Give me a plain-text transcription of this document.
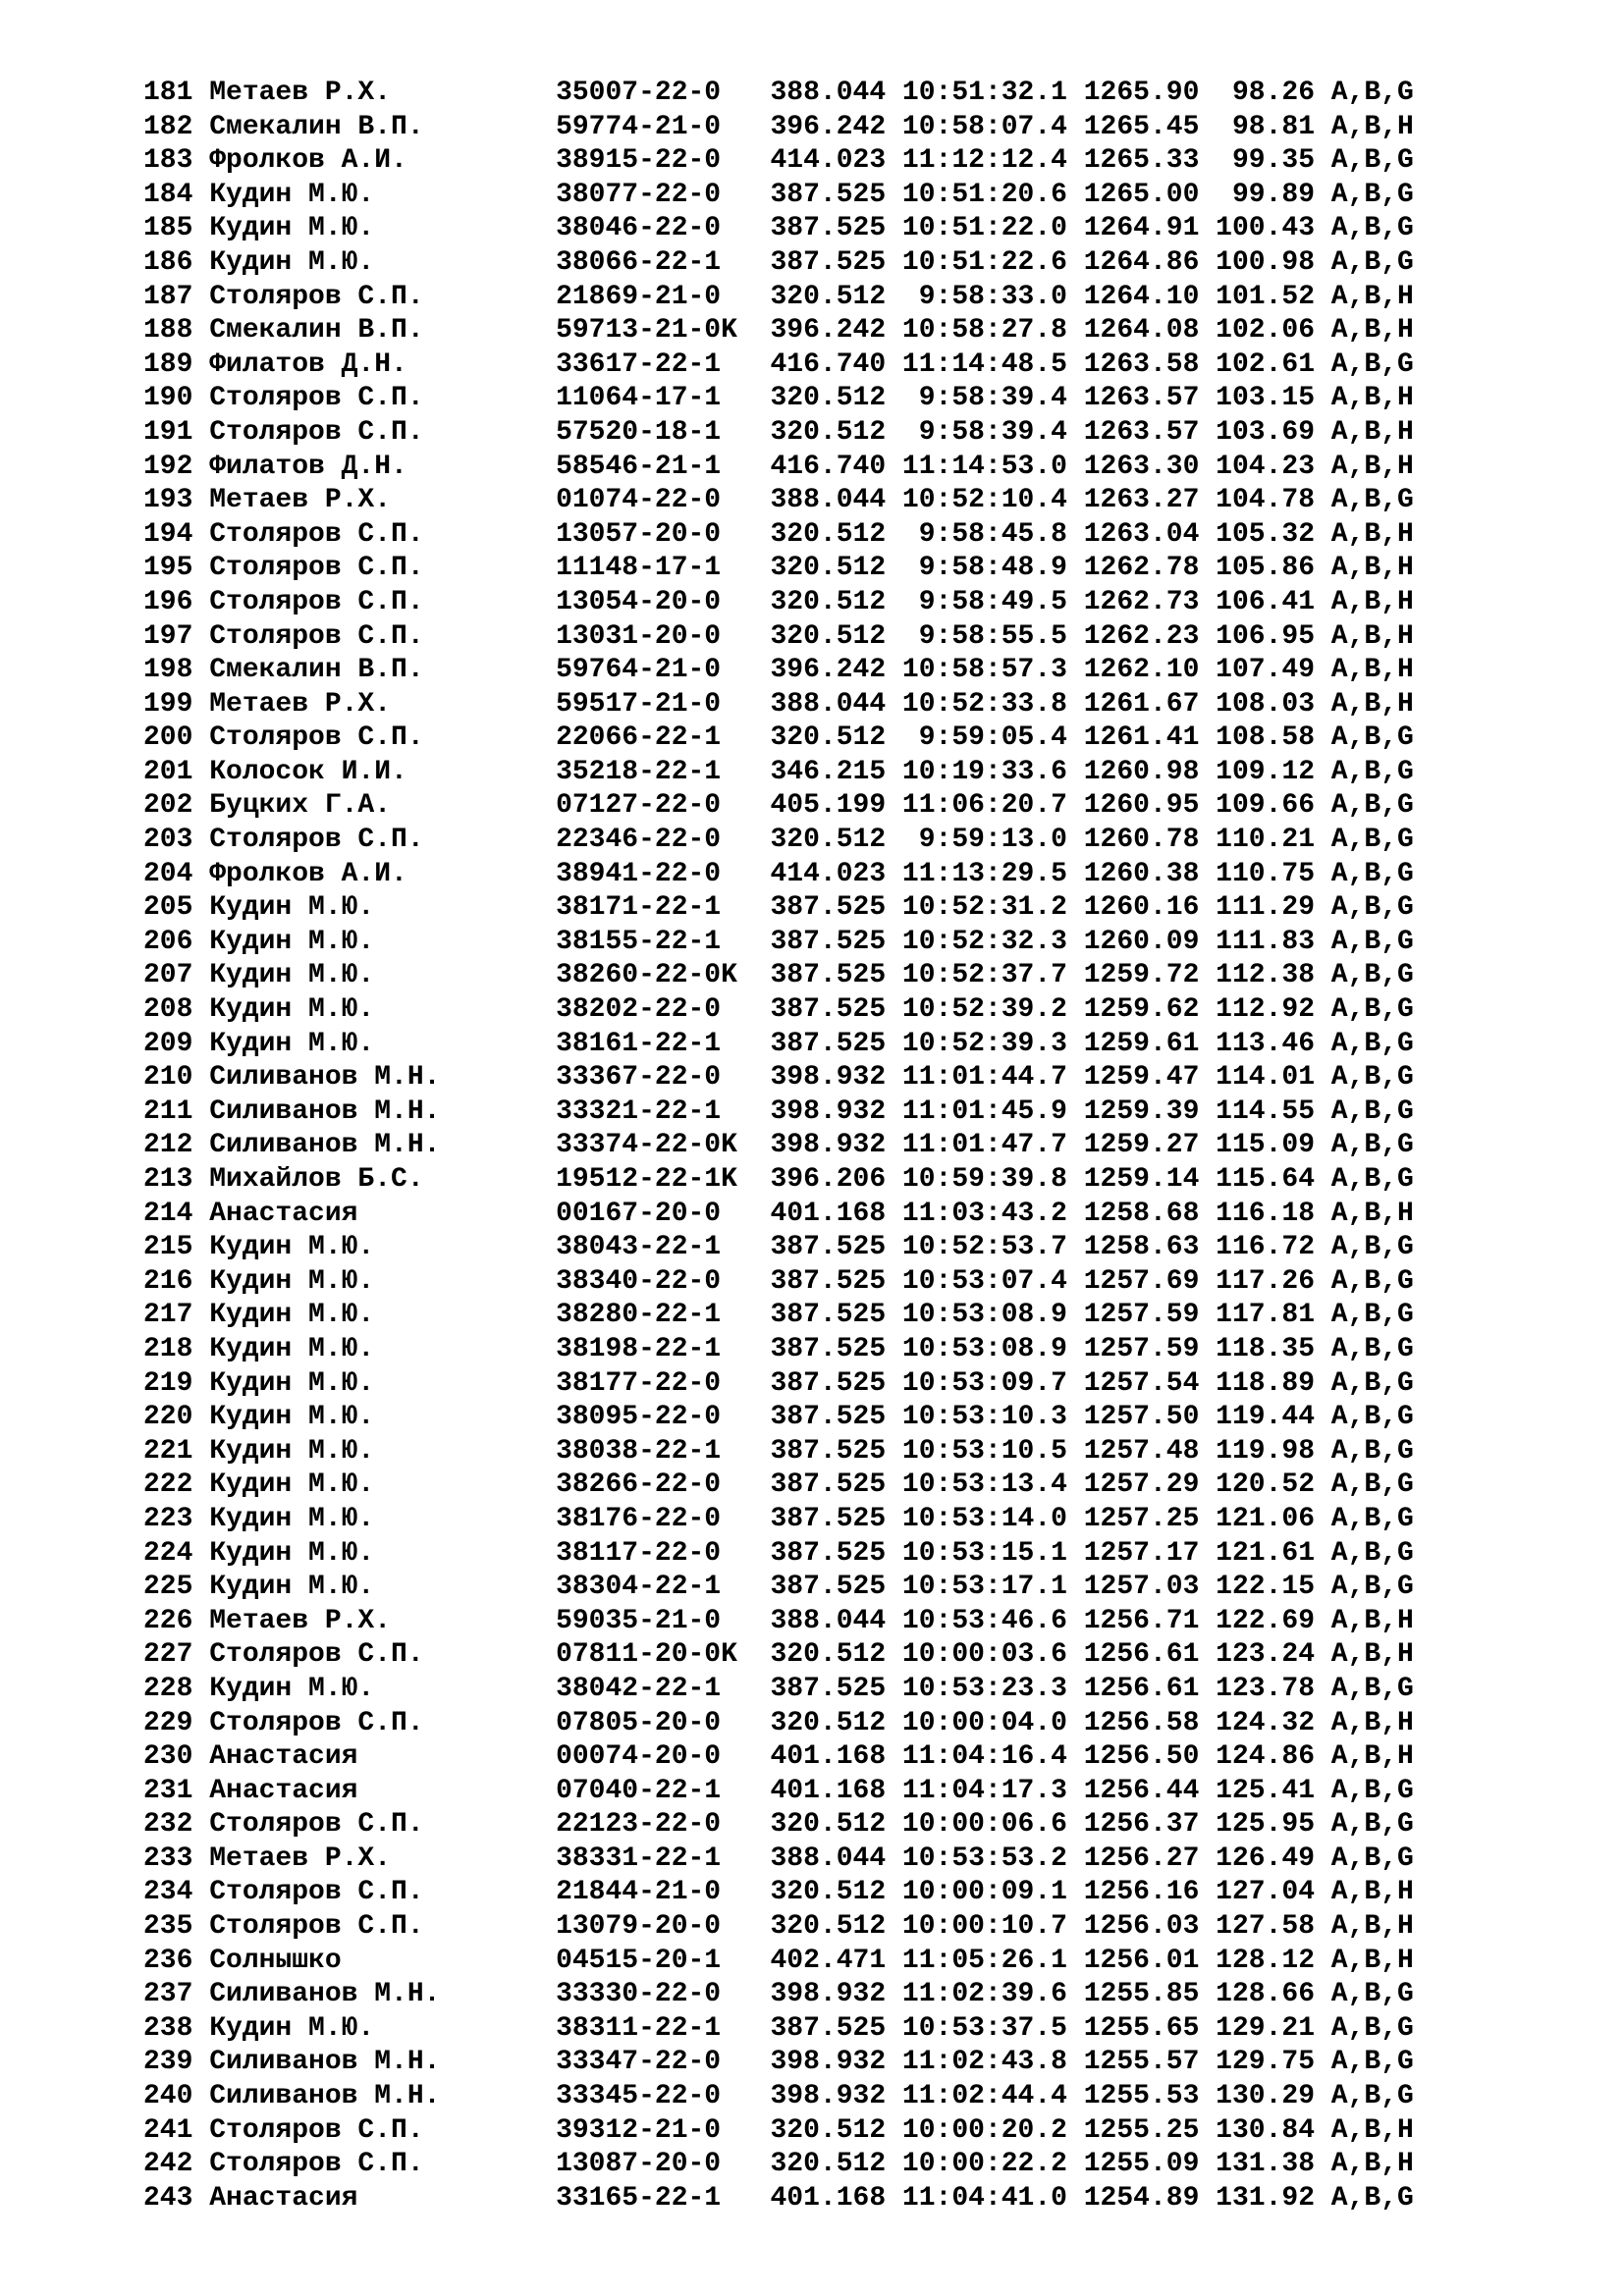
181 Метаев Р.Х.          35007-22-0   388.044 10:51:32.1 1265.90  98.26 A,B,G
182 Смекалин В.П.        59774-21-0   396.242 10:58:07.4 1265.45  98.81 A,B,H
183 Фролков А.И.         38915-22-0   414.023 11:12:12.4 1265.33  99.35 A,B,G
184 Кудин М.Ю.           38077-22-0   387.525 10:51:20.6 1265.00  99.89 A,B,G
185 Кудин М.Ю.           38046-22-0   387.525 10:51:22.0 1264.91 100.43 A,B,G
186 Кудин М.Ю.           38066-22-1   387.525 10:51:22.6 1264.86 100.98 A,B,G
187 Столяров С.П.        21869-21-0   320.512  9:58:33.0 1264.10 101.52 A,B,H
188 Смекалин В.П.        59713-21-0K  396.242 10:58:27.8 1264.08 102.06 A,B,H
189 Филатов Д.Н.         33617-22-1   416.740 11:14:48.5 1263.58 102.61 A,B,G
190 Столяров С.П.        11064-17-1   320.512  9:58:39.4 1263.57 103.15 A,B,H
191 Столяров С.П.        57520-18-1   320.512  9:58:39.4 1263.57 103.69 A,B,H
192 Филатов Д.Н.         58546-21-1   416.740 11:14:53.0 1263.30 104.23 A,B,H
193 Метаев Р.Х.          01074-22-0   388.044 10:52:10.4 1263.27 104.78 A,B,G
194 Столяров С.П.        13057-20-0   320.512  9:58:45.8 1263.04 105.32 A,B,H
195 Столяров С.П.        11148-17-1   320.512  9:58:48.9 1262.78 105.86 A,B,H
196 Столяров С.П.        13054-20-0   320.512  9:58:49.5 1262.73 106.41 A,B,H
197 Столяров С.П.        13031-20-0   320.512  9:58:55.5 1262.23 106.95 A,B,H
198 Смекалин В.П.        59764-21-0   396.242 10:58:57.3 1262.10 107.49 A,B,H
199 Метаев Р.Х.          59517-21-0   388.044 10:52:33.8 1261.67 108.03 A,B,H
200 Столяров С.П.        22066-22-1   320.512  9:59:05.4 1261.41 108.58 A,B,G
201 Колосок И.И.         35218-22-1   346.215 10:19:33.6 1260.98 109.12 A,B,G
202 Буцких Г.А.          07127-22-0   405.199 11:06:20.7 1260.95 109.66 A,B,G
203 Столяров С.П.        22346-22-0   320.512  9:59:13.0 1260.78 110.21 A,B,G
204 Фролков А.И.         38941-22-0   414.023 11:13:29.5 1260.38 110.75 A,B,G
205 Кудин М.Ю.           38171-22-1   387.525 10:52:31.2 1260.16 111.29 A,B,G
206 Кудин М.Ю.           38155-22-1   387.525 10:52:32.3 1260.09 111.83 A,B,G
207 Кудин М.Ю.           38260-22-0K  387.525 10:52:37.7 1259.72 112.38 A,B,G
208 Кудин М.Ю.           38202-22-0   387.525 10:52:39.2 1259.62 112.92 A,B,G
209 Кудин М.Ю.           38161-22-1   387.525 10:52:39.3 1259.61 113.46 A,B,G
210 Силиванов М.Н.       33367-22-0   398.932 11:01:44.7 1259.47 114.01 A,B,G
211 Силиванов М.Н.       33321-22-1   398.932 11:01:45.9 1259.39 114.55 A,B,G
212 Силиванов М.Н.       33374-22-0K  398.932 11:01:47.7 1259.27 115.09 A,B,G
213 Михайлов Б.С.        19512-22-1K  396.206 10:59:39.8 1259.14 115.64 A,B,G
214 Анастасия            00167-20-0   401.168 11:03:43.2 1258.68 116.18 A,B,H
215 Кудин М.Ю.           38043-22-1   387.525 10:52:53.7 1258.63 116.72 A,B,G
216 Кудин М.Ю.           38340-22-0   387.525 10:53:07.4 1257.69 117.26 A,B,G
217 Кудин М.Ю.           38280-22-1   387.525 10:53:08.9 1257.59 117.81 A,B,G
218 Кудин М.Ю.           38198-22-1   387.525 10:53:08.9 1257.59 118.35 A,B,G
219 Кудин М.Ю.           38177-22-0   387.525 10:53:09.7 1257.54 118.89 A,B,G
220 Кудин М.Ю.           38095-22-0   387.525 10:53:10.3 1257.50 119.44 A,B,G
221 Кудин М.Ю.           38038-22-1   387.525 10:53:10.5 1257.48 119.98 A,B,G
222 Кудин М.Ю.           38266-22-0   387.525 10:53:13.4 1257.29 120.52 A,B,G
223 Кудин М.Ю.           38176-22-0   387.525 10:53:14.0 1257.25 121.06 A,B,G
224 Кудин М.Ю.           38117-22-0   387.525 10:53:15.1 1257.17 121.61 A,B,G
225 Кудин М.Ю.           38304-22-1   387.525 10:53:17.1 1257.03 122.15 A,B,G
226 Метаев Р.Х.          59035-21-0   388.044 10:53:46.6 1256.71 122.69 A,B,H
227 Столяров С.П.        07811-20-0K  320.512 10:00:03.6 1256.61 123.24 A,B,H
228 Кудин М.Ю.           38042-22-1   387.525 10:53:23.3 1256.61 123.78 A,B,G
229 Столяров С.П.        07805-20-0   320.512 10:00:04.0 1256.58 124.32 A,B,H
230 Анастасия            00074-20-0   401.168 11:04:16.4 1256.50 124.86 A,B,H
231 Анастасия            07040-22-1   401.168 11:04:17.3 1256.44 125.41 A,B,G
232 Столяров С.П.        22123-22-0   320.512 10:00:06.6 1256.37 125.95 A,B,G
233 Метаев Р.Х.          38331-22-1   388.044 10:53:53.2 1256.27 126.49 A,B,G
234 Столяров С.П.        21844-21-0   320.512 10:00:09.1 1256.16 127.04 A,B,H
235 Столяров С.П.        13079-20-0   320.512 10:00:10.7 1256.03 127.58 A,B,H
236 Солнышко             04515-20-1   402.471 11:05:26.1 1256.01 128.12 A,B,H
237 Силиванов М.Н.       33330-22-0   398.932 11:02:39.6 1255.85 128.66 A,B,G
238 Кудин М.Ю.           38311-22-1   387.525 10:53:37.5 1255.65 129.21 A,B,G
239 Силиванов М.Н.       33347-22-0   398.932 11:02:43.8 1255.57 129.75 A,B,G
240 Силиванов М.Н.       33345-22-0   398.932 11:02:44.4 1255.53 130.29 A,B,G
241 Столяров С.П.        39312-21-0   320.512 10:00:20.2 1255.25 130.84 A,B,H
242 Столяров С.П.        13087-20-0   320.512 10:00:22.2 1255.09 131.38 A,B,H
243 Анастасия            33165-22-1   401.168 11:04:41.0 1254.89 131.92 A,B,G
